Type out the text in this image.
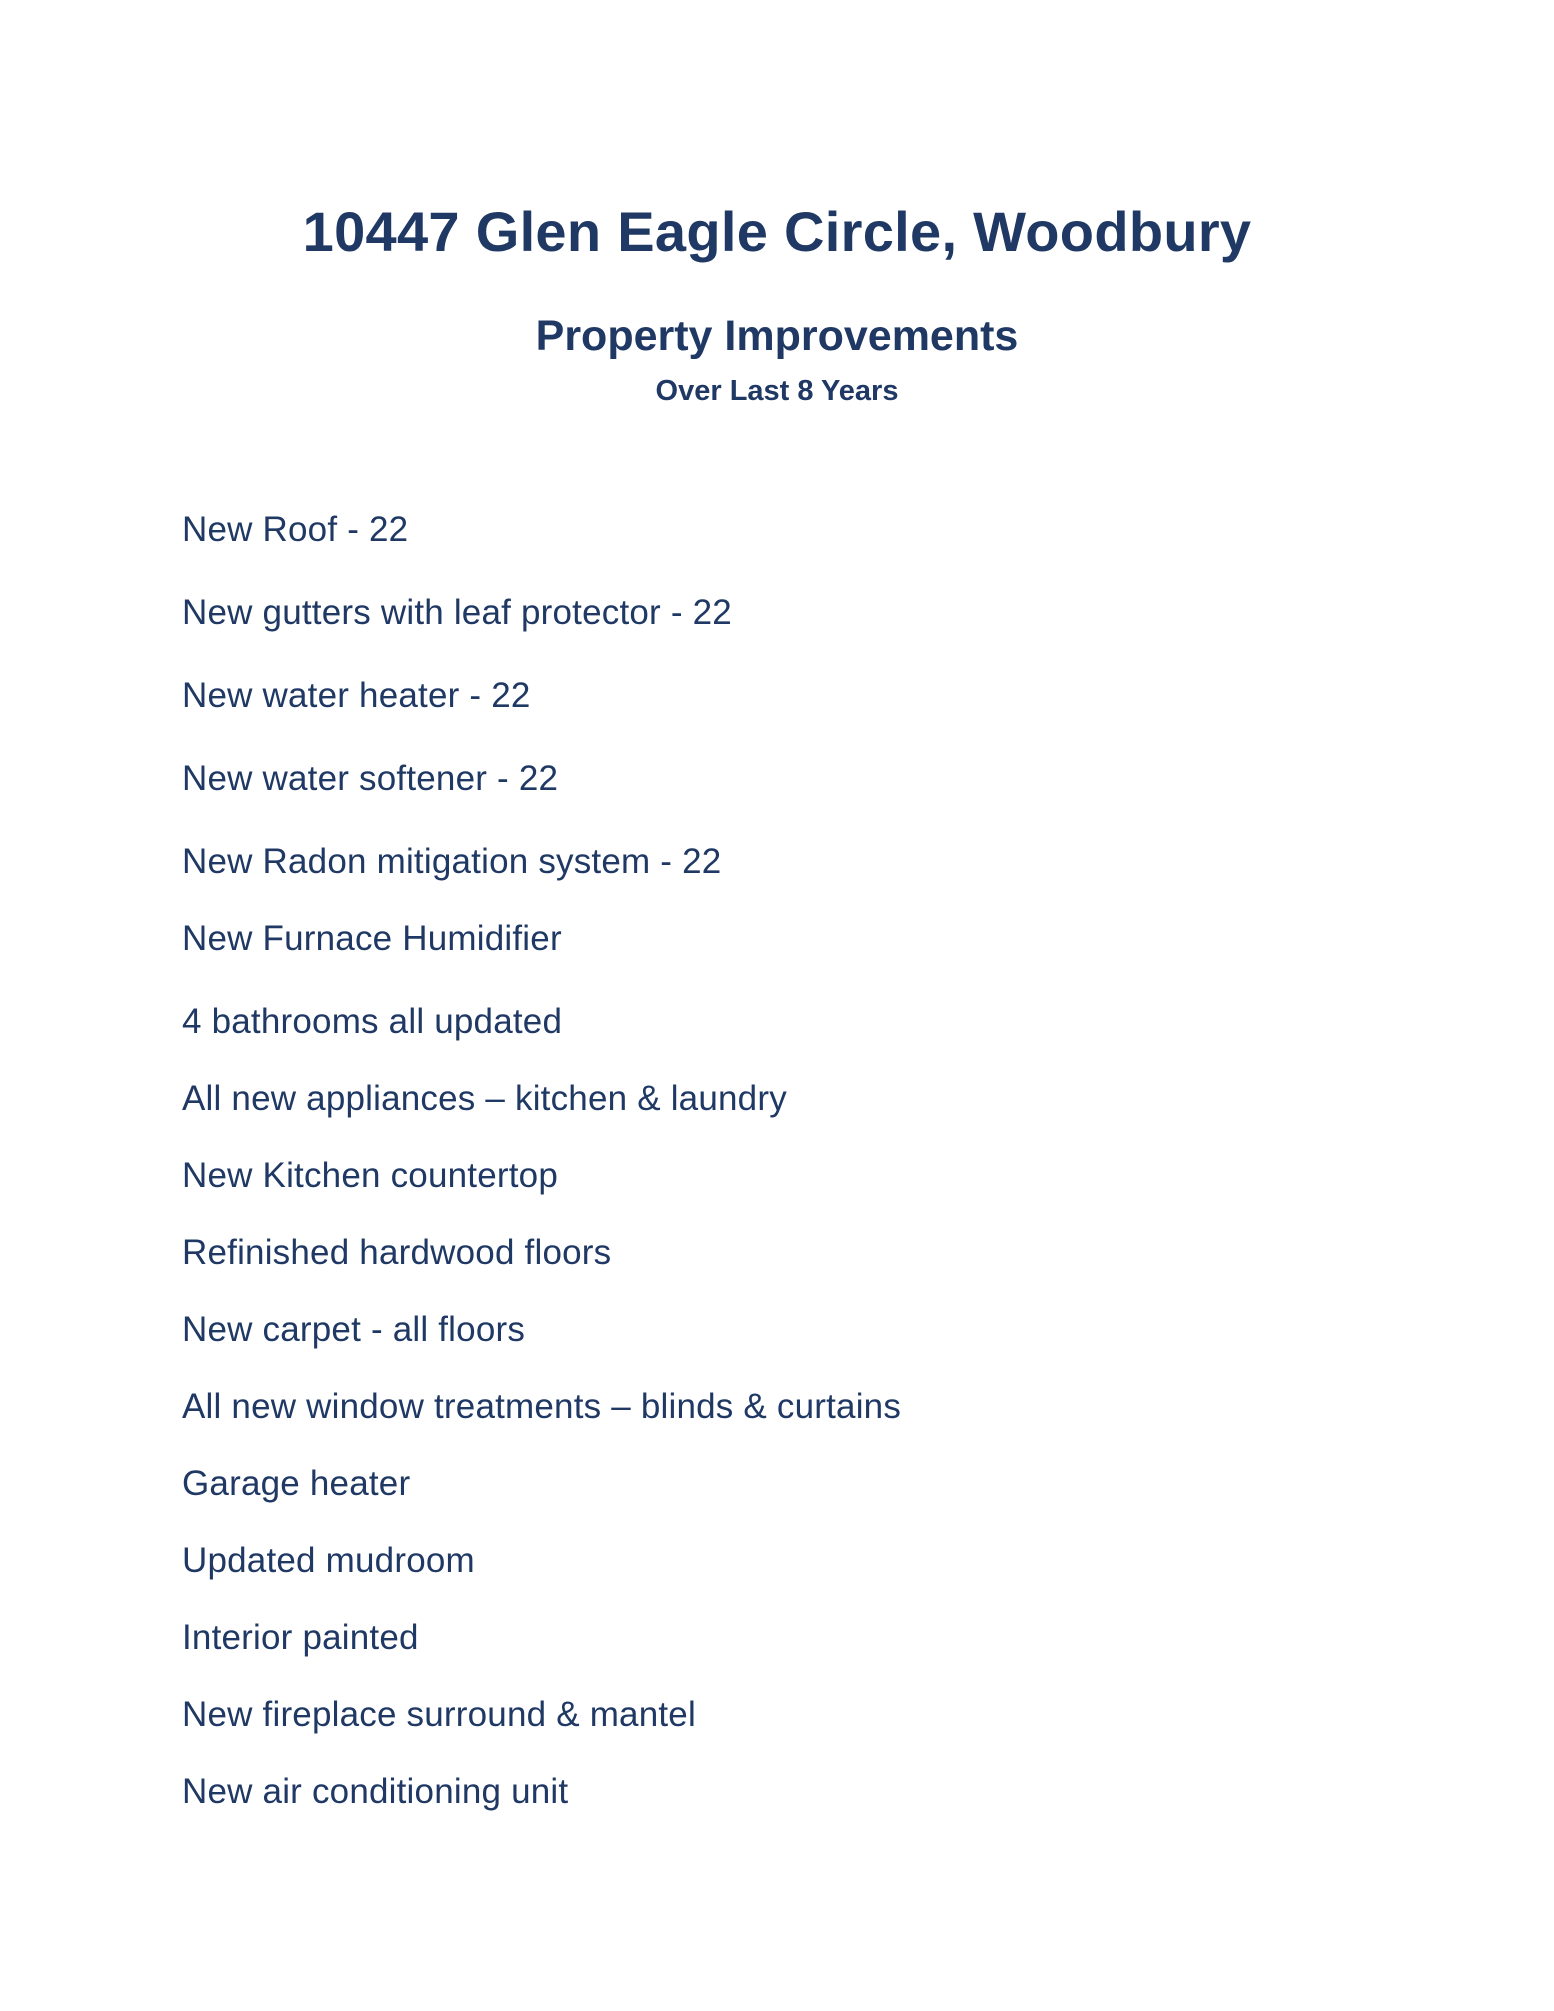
10447 Glen Eagle Circle, Woodbury
Property Improvements
Over Last 8 Years
New Roof - 22
New gutters with leaf protector - 22
New water heater - 22
New water softener - 22
New Radon mitigation system - 22
New Furnace Humidifier
4 bathrooms all updated
All new appliances – kitchen & laundry
New Kitchen countertop
Refinished hardwood floors
New carpet - all floors
All new window treatments – blinds & curtains
Garage heater
Updated mudroom
Interior painted
New fireplace surround & mantel
New air conditioning unit
